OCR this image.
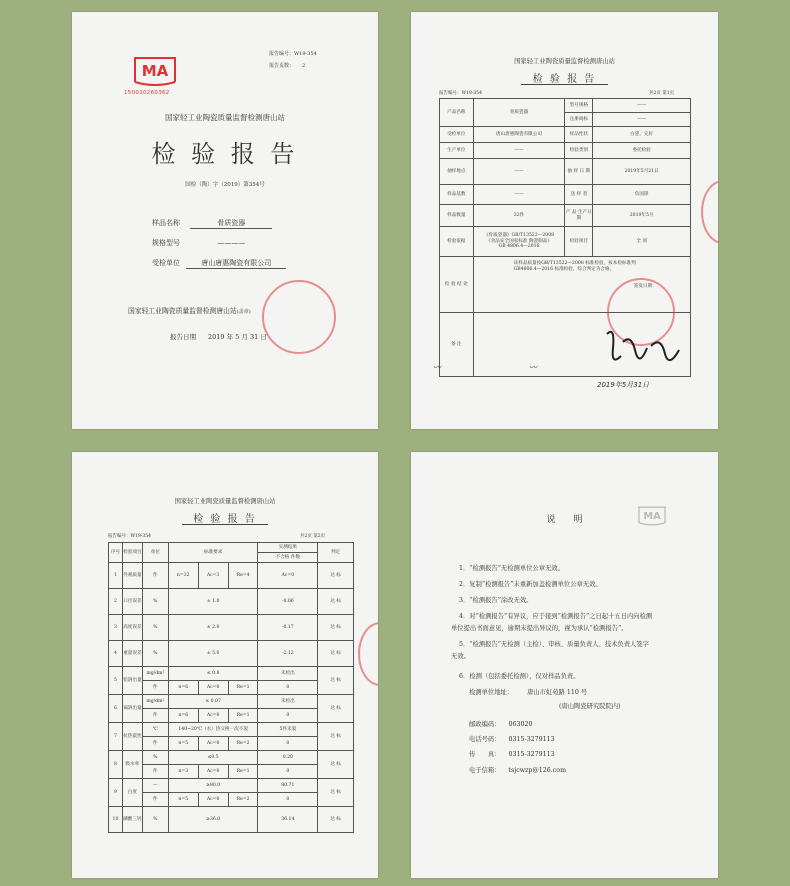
MA
150010260362
报告编号：W19-354
报告页数： 2
国家轻工业陶瓷质量监督检测唐山站
检 验 报 告
国检（陶）字（2019）第354号
样品名称	骨质瓷器
规格型号	————
受检单位	唐山唐惠陶瓷有限公司
国家轻工业陶瓷质量监督检测唐山站(盖章)
报告日期 2019 年 5 月 31 日
国家轻工业陶瓷质量监督检测唐山站
检 验 报 告
报告编号：W19-354	共2页 第1页
产品名称	骨质瓷器	型号规格	——
		注册商标	——
受检单位	唐山唐惠陶瓷有限公司	样品性状	白瓷、完好
生产单位	——	检验类别	委托检验
抽样地点	——	抽 样 日 期	2019年5月21日
样品基数	——	送 样 者	负国锋
样品数量	32件	产 品 生产日期	2019年5月
检验依据	《骨质瓷器》GB/T13522—2008
《食品安全国家标准 陶瓷制品》
GB 4806.4—2016	检验项目	全 项
检 验 结 论	该样品质量按GB/T13522—2008 标准检验，按本检标准判
GB4806.4—2016 标准检验，综合判定为合格。
签发日期：		

备 注			
〰	〰
2019年5月31日
国家轻工业陶瓷质量监督检测唐山站
检 验 报 告
报告编号：W19-354	共2页 第2页
序号	检验项目	单位	标准要求			实测结果	判定
						不合格 件数	
1	外观质量	件	n=32	Ac=3	Re=4	Ac=0	达 标
2	口径误差	%	± 1.0			-0.06	达 标
3	高度误差	%	± 2.0			-0.17	达 标
4	重量误差	%	± 5.0			-2.12	达 标
5	铅溶出量	mg/dm²	≤ 0.8			未检出	达 标
		件	n=6	Ac=0	Re=1	0	
6	镉溶出量	mg/dm²	≤ 0.07			未检出	达 标
		件	n=6	Ac=0	Re=1	0	
7	抗热震性	℃	140~20℃（水）热交换一次不裂			5件未裂	达 标
		件	n=5	Ac=0	Re=2	0	
8	吸水率	%	≤0.5			0.20	达 标
		件	n=3	Ac=0	Re=1	0	
9	白度	—	≥80.0			80.71	达 标
		件	n=5	Ac=0	Re=2	0	
10	磷酸三钙	%	≥36.0			36.14	达 标
MA
说　　明
1．“检测报告”无检测单位公章无效。
2．复制“检测报告”未重新加盖检测单位公章无效。
3．“检测报告”涂改无效。
4．对“检测报告”有异议，应于接到“检测报告”之日起十五日内向检测
单位提出书面意见，逾期未提出异议的，视为承认“检测报告”。
5．“检测报告”无检测（主检）、审核、质量负责人、技术负责人签字
无效。
6．检测（包括委托检测），仅对样品负责。
检测单位地址： 唐山市虹苑路 110 号
(唐山陶瓷研究院院内)
邮政编码： 063020
电话号码： 0315-3279113
传　　真： 0315-3279113
电子信箱： tsjcwzp@126.com
